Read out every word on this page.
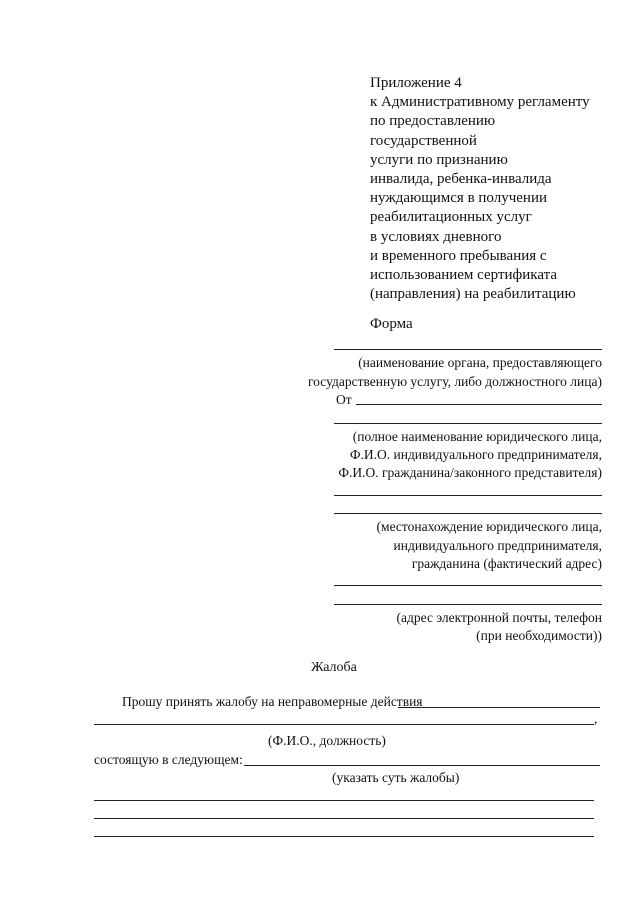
Приложение 4
к Административному регламенту
по предоставлению
государственной
услуги по признанию
инвалида, ребенка-инвалида
нуждающимся в получении
реабилитационных услуг
в условиях дневного
и временного пребывания с
использованием сертификата
(направления) на реабилитацию
Форма
(наименование органа, предоставляющего
государственную услугу, либо должностного лица)
От
(полное наименование юридического лица,
Ф.И.О. индивидуального предпринимателя,
Ф.И.О. гражданина/законного представителя)
(местонахождение юридического лица,
индивидуального предпринимателя,
гражданина (фактический адрес)
(адрес электронной почты, телефон
(при необходимости))
Жалоба
Прошу принять жалобу на неправомерные действия
,
(Ф.И.О., должность)
состоящую в следующем:
(указать суть жалобы)
